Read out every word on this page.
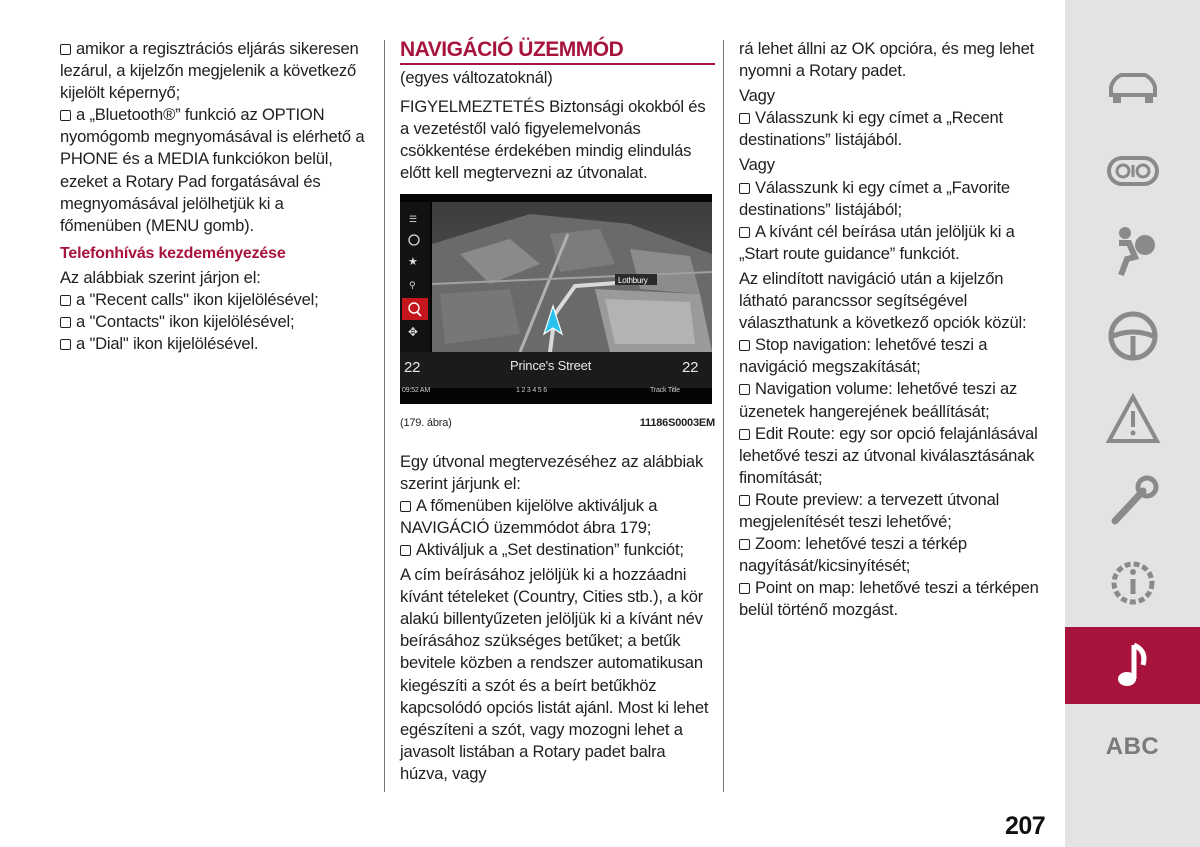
amikor a regisztrációs eljárás sikeresen lezárul, a kijelzőn megjelenik a következő kijelölt képernyő;

a „Bluetooth®” funkció az OPTION nyomógomb megnyomásával is elérhető a PHONE és a MEDIA funkciókon belül, ezeket a Rotary Pad forgatásával és megnyomásával jelölhetjük ki a főmenüben (MENU gomb).

Telefonhívás kezdeményezése

Az alábbiak szerint járjon el:

a "Recent calls" ikon kijelölésével;

a "Contacts" ikon kijelölésével;

a "Dial" ikon kijelölésével.

NAVIGÁCIÓ ÜZEMMÓD

(egyes változatoknál)

FIGYELMEZTETÉS Biztonsági okokból és a vezetéstől való figyelemelvonás csökkentése érdekében mindig elindulás előtt kell megtervezni az útvonalat.

Lothbury
☰
★
⚲
✥
22	22
Prince's Street
09:52 AM	1 2 3 4 5 6	Track Title
(179. ábra)	11186S0003EM

Egy útvonal megtervezéséhez az alábbiak szerint járjunk el:

A főmenüben kijelölve aktiváljuk a NAVIGÁCIÓ üzemmódot ábra 179;

Aktiváljuk a „Set destination” funkciót;

A cím beírásához jelöljük ki a hozzáadni kívánt tételeket (Country, Cities stb.), a kör alakú billentyűzeten jelöljük ki a kívánt név beírásához szükséges betűket; a betűk bevitele közben a rendszer automatikusan kiegészíti a szót és a beírt betűkhöz kapcsolódó opciós listát ajánl. Most ki lehet egészíteni a szót, vagy mozogni lehet a javasolt listában a Rotary padet balra húzva, vagy

rá lehet állni az OK opcióra, és meg lehet nyomni a Rotary padet.

Vagy

Válasszunk ki egy címet a „Recent destinations” listájából.

Vagy

Válasszunk ki egy címet a „Favorite destinations” listájából;

A kívánt cél beírása után jelöljük ki a „Start route guidance” funkciót.

Az elindított navigáció után a kijelzőn látható parancssor segítségével választhatunk a következő opciók közül:

Stop navigation: lehetővé teszi a navigáció megszakítását;

Navigation volume: lehetővé teszi az üzenetek hangerejének beállítását;

Edit Route: egy sor opció felajánlásával lehetővé teszi az útvonal kiválasztásának finomítását;

Route preview: a tervezett útvonal megjelenítését teszi lehetővé;

Zoom: lehetővé teszi a térkép nagyítását/kicsinyítését;

Point on map: lehetővé teszi a térképen belül történő mozgást.

ABC
207
